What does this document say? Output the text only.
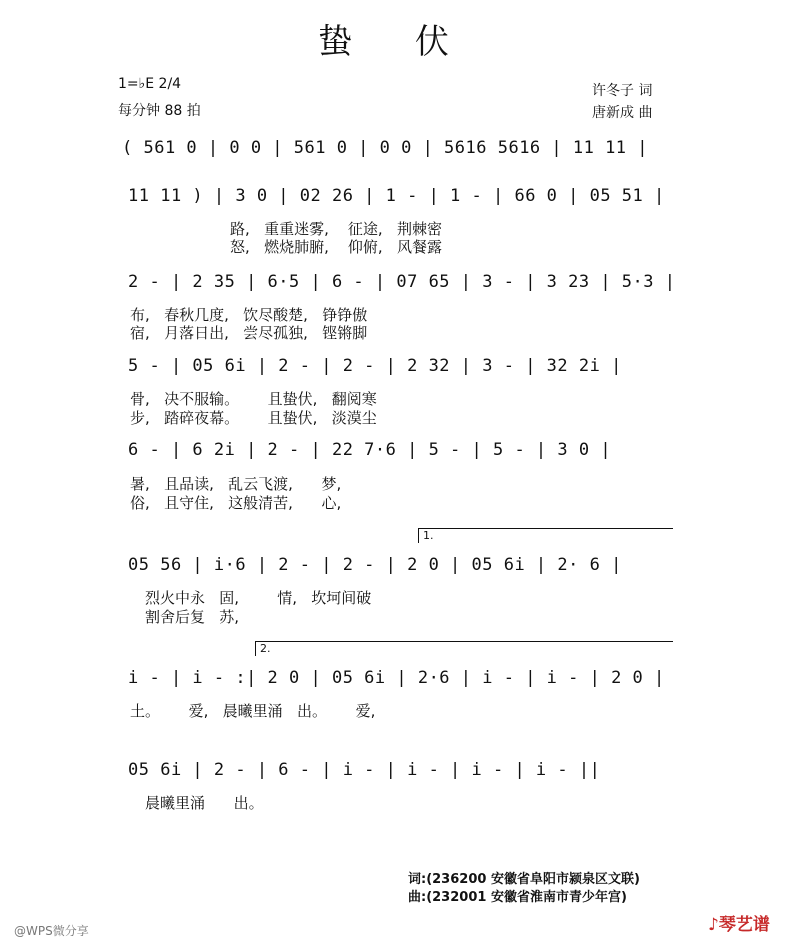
蛰 伏
1=♭E 2/4
每分钟 88 拍
许冬子 词
唐新成 曲
( 561 0 | 0 0 | 561 0 | 0 0 | 5616 5616 | 11 11 |
11 11 ) | 3 0 | 02 26 | 1 - | 1 - | 66 0 | 05 51 |
路,   重重迷雾,    征途,   荆棘密
怒,   燃烧肺腑,    仰俯,   风餐露
2 - | 2 35 | 6·5 | 6 - | 07 65 | 3 - | 3 23 | 5·3 |
布,   春秋几度,   饮尽酸楚,   铮铮傲
宿,   月落日出,   尝尽孤独,   铿锵脚
5 - | 05 6i | 2 - | 2 - | 2 32 | 3 - | 32 2i |
骨,   决不服输。      且蛰伏,   翻阅寒
步,   踏碎夜幕。      且蛰伏,   淡漠尘
6 - | 6 2i | 2 - | 22 7·6 | 5 - | 5 - | 3 0 |
暑,   且品读,   乱云飞渡,      梦,
俗,   且守住,   这般清苦,      心,
1.
05 56 | i·6 | 2 - | 2 - | 2 0 | 05 6i | 2· 6 |
烈火中永   固,        情,   坎坷间破
割舍后复   苏,
2.
i - | i - :| 2 0 | 05 6i | 2·6 | i - | i - | 2 0 |
土。      爱,   晨曦里涌   出。      爱,
05 6i | 2 - | 6 - | i - | i - | i - | i - ||
晨曦里涌      出。
词:(236200 安徽省阜阳市颍泉区文联)
曲:(232001 安徽省淮南市青少年宫)
@WPS微分享	♪琴艺谱
